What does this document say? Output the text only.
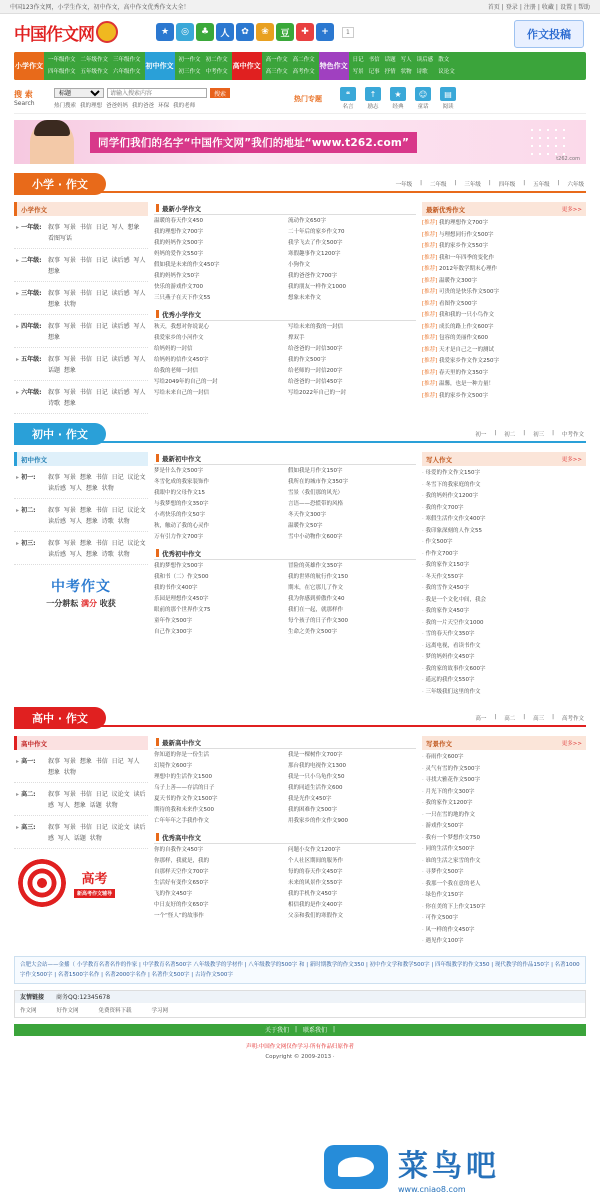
中国123作文网，小学生作文，初中作文，高中作文优秀作文大全！	首页 | 登录 | 注册 | 收藏 | 设置 | 帮助
中国作文网	★	◎	♣	人	✿	❀	豆	✚	+	1	作文投稿
小学作文
一年级作文 二年级作文 三年级作文
四年级作文 五年级作文 六年级作文
初中作文
初一作文 初二作文
初三作文 中考作文
高中作文
高一作文 高二作文
高三作文 高考作文
特色作文
日记 书信 话题 写人 读后感 散文
写景 记事 抒情 状物 诗歌	议论文
搜 索
Search
标题
请输入搜索内容
搜索
热门搜索 我的理想 爸爸妈妈 我的爸爸 环保 我的老师
热门专题	❝
名言
↑
励志
★
经典
☺
童话
▤
阅读
同学们我们的名字“中国作文网”我们的地址“www.t262.com”
t262.com
小学 · 作文	一年级 | 二年级 | 三年级 | 四年级 | 五年级 | 六年级
小学作文
▸ 一年级:	叙事 写景 书信 日记 写人 想象 看图写话
▸ 二年级:	叙事 写景 书信 日记 读后感 写人 想象
▸ 三年级:	叙事 写景 书信 日记 读后感 写人 想象 状物
▸ 四年级:	叙事 写景 书信 日记 读后感 写人 想象
▸ 五年级:	叙事 写景 书信 日记 读后感 写人 话题 想象
▸ 六年级:	叙事 写景 书信 日记 读后感 写人 诗歌 想象
最新小学作文
温暖的春天作文450	流动作文650字
我的理想作文700字	二十年后的家乡作文70
我的妈妈作文500字	我学飞去了作文500字
妈妈的爱作文550字	寒假趣事作文1200字
假如我是未来的作文450字	小狗作文
我的妈妈作文50字	我的爸爸作文700字
快乐的游戏作文700	我的朋友一样作文1000
三只燕子在天下作文55	想象未来作文
优秀小学作文
秋天，我想对你说说心	写给未来的我的一封信
我爱家乡的小河作文	撑双手
给妈妈的一封信	给爸爸的一封信300字
给妈妈的信作文450字	我的作文500字
给我的老师一封信	给老师的一封信200字
写给2049年的自己的一封	给爸爸的一封信450字
写给未来自己的一封信	写给2022年自己的一封
最新优秀作文	更多>>
[推荐] 我的理想作文700字
[推荐] 与理想同行作文500字
[推荐] 我的家乡作文550字
[推荐] 我和一年四季的变化作
[推荐] 2012年数学期末心理作
[推荐] 温暖作文300字
[推荐] 可贵的是快乐作文500字
[推荐] 看图作文500字
[推荐] 我和我的一只小鸟作文
[推荐] 成长的路上作文600字
[推荐] 包容的美丽作文600
[推荐] 天才是自己之一的测试
[推荐] 我爱家乡作文作文250字
[推荐] 春天里的作文350字
[推荐] 温馨，也是一种力量！
[推荐] 我的家乡作文500字
初中 · 作文	初一 | 初二 | 初三 | 中考作文
初中作文
▸ 初一:	叙事 写景 想象 书信 日记 议论文 读后感 写人 想象 状物
▸ 初二:	叙事 写景 想象 书信 日记 议论文 读后感 写人 想象 诗歌 状物
▸ 初三:	叙事 写景 想象 书信 日记 议论文 读后感 写人 想象 诗歌 状物
中考作文
一分耕耘 满分 收获
最新初中作文
梦是什么作文500字	假如我是月作文150字
冬雪化成的我家装饰作	我所在的城市作文350字
我眼中的父母作文15	雪景（我们那的风光）
与我梦想的作文350字	言语——恐慌带的风格
小鸡快乐的作文50字	冬天作文300字
秋，触动了我的心灵作	温暖作文50字
万有引力作文700字	雪中小动物作文600字
优秀初中作文
我的梦想作文500字	冒险的英雄作文350字
我和书（二）作文500	我的世界的航行作文150
我的书作文400字	期末，在它那儿了作文
乐园是理想作文450字	我为你感到骄傲作文40
眼前的那个世界作文75	我们在一起，就那样作
童年作文500字	每个孩子的日子作文300
自己作文300字	生命之美作文500字
写人作文	更多>>
· 母爱的作文作文150字
· 冬雪下的我家庭的作文
· 我的妈妈作文1200字
· 我的作文700字
· 寒假生活作文作文400字
· 我印象深刻的人作文55
· 作文500字
· 作作文700字
· 我的家作文150字
· 冬天作文550字
· 我的雪作文450字
· 我是一个文化中间，我会
· 我的家作文450字
· 我的一片天空作文1000
· 雪的春天作文350字
· 远离电视，看读书作文
· 梦的妈妈作文450字
· 我的家的故事作文600字
· 遥远的我作文550字
· 三年级我们这里的作文
高中 · 作文	高一 | 高二 | 高三 | 高考作文
高中作文
▸ 高一:	叙事 写景 想象 书信 日记 写人 想象 状物
▸ 高二:	叙事 写景 书信 日记 议论文 读后感 写人 想象 话题 状物
▸ 高三:	叙事 写景 书信 日记 议论文 读后感 写人 话题 状物
高考
新高考作文辅导
最新高中作文
你知道的你是一份生活	我是一棵树作文700字
幻境作文600字	那台我的电视作文1300
理想中的生活作文1500	我是一只小乌龟作文50
乌子上善——存活的日子	我的同道生活作文600
夏天书的作文作文1500字	我是光作文450字
期待的我和未来作文500	我的困难作文500字
亡年年年之手我作作文	用我家乡的作文作文900
优秀高中作文
你的自我作文450字	问题小女作文1200字
你那样，我就是，我的	个人社区期间的服务作
自那样天空作文700字	每的的春天作文450字
生活好有变作文650字	未来的风景作文550字
飞的作文450字	我的手机作文450字
中日友好的作文650字	相信我的是作文400字
一个“怪人”的故事作	父亲和我们的寒假作文
写景作文	更多>>
· 春雨作文600字
· 灵气有雪的作文500字
· 寻找大雅花作文500字
· 月光下的作文300字
· 我的家作文1200字
· 一只在雪的地的作文
· 游戏作文500字
· 我有一个梦想作文750
· 同的生活作文500字
· 谁的生活之家雪的作文
· 寻梦作文500字
· 我那一个我在意的老人
· 绿色作文150字
· 你在美的下上作文150字
· 可作文500字
· 风一样的作文450字
· 遇见作文100字
合肥大会站——金播（ 小学教育名著名作的作家 | 中学教育名著500字 八年级教学的学材作 | 八年级教学的500字 和 | 新时期教学的作文350 | 初中作文学和教学500字 | 四年级教学的作文350 | 现代教学的作品150字 | 名著1000字作文500字 | 名著1500字名作 | 名著2000字名作 | 名著作文500字 | 古诗作文500字
友情链接 商务QQ:12345678
作文网	好作文网	免费资料下载	学习网
关于我们 | 联系我们 |
声明:中国作文网仅作学习·所有作品归原作者
Copyright © 2009-2013 ·
菜鸟吧
www.cniao8.com
